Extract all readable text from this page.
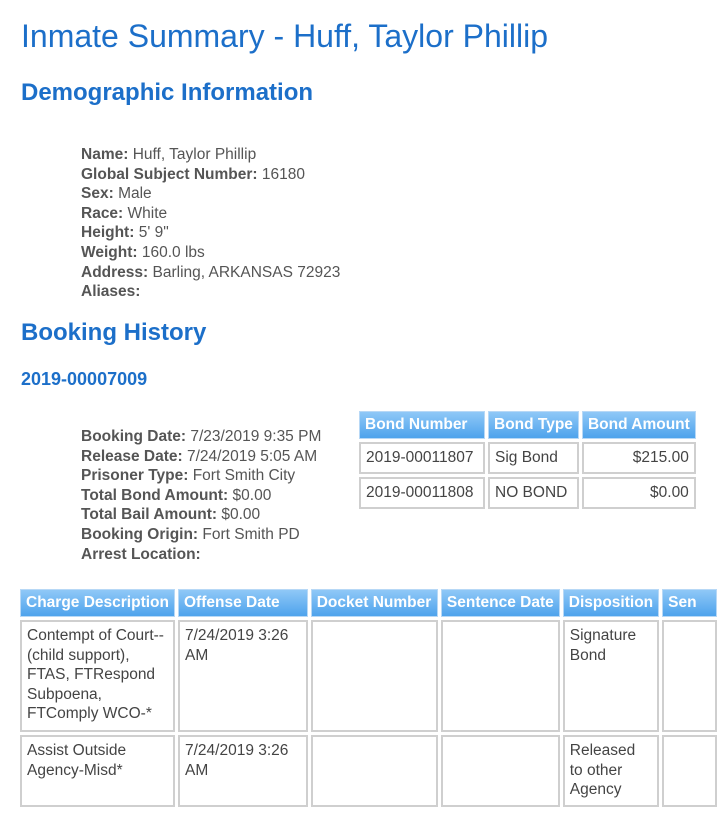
Inmate Summary - Huff, Taylor Phillip
Demographic Information
Name: Huff, Taylor Phillip
Global Subject Number: 16180
Sex: Male
Race: White
Height: 5' 9"
Weight: 160.0 lbs
Address: Barling, ARKANSAS 72923
Aliases:
Booking History
2019-00007009
Booking Date: 7/23/2019 9:35 PM
Release Date: 7/24/2019 5:05 AM
Prisoner Type: Fort Smith City
Total Bond Amount: $0.00
Total Bail Amount: $0.00
Booking Origin: Fort Smith PD
Arrest Location:
Bond Number	Bond Type	Bond Amount
2019-00011807	Sig Bond	$215.00
2019-00011808	NO BOND	$0.00
Charge Description	Offense Date	Docket Number	Sentence Date	Disposition	Sen
Contempt of Court--(child support), FTAS, FTRespond Subpoena, FTComply WCO-*	7/24/2019 3:26 AM			Signature Bond	
Assist Outside Agency-Misd*	7/24/2019 3:26 AM			Released to other Agency	
